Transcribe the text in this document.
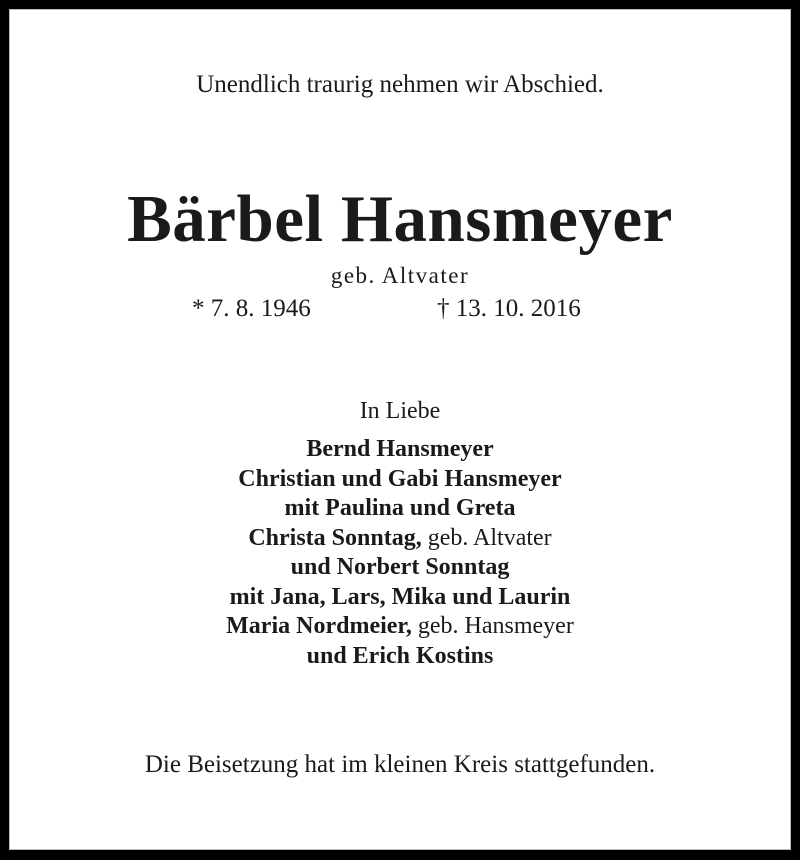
Unendlich traurig nehmen wir Abschied.
Bärbel Hansmeyer
geb. Altvater
* 7. 8. 1946	† 13. 10. 2016
In Liebe
Bernd Hansmeyer
Christian und Gabi Hansmeyer
mit Paulina und Greta
Christa Sonntag, geb. Altvater
und Norbert Sonntag
mit Jana, Lars, Mika und Laurin
Maria Nordmeier, geb. Hansmeyer
und Erich Kostins
Die Beisetzung hat im kleinen Kreis stattgefunden.
